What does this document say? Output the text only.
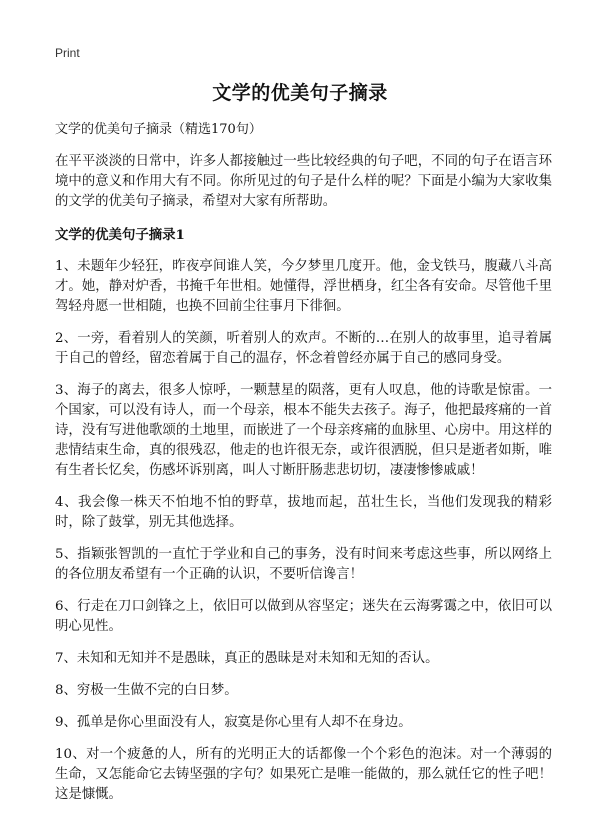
Print
文学的优美句子摘录

文学的优美句子摘录（精选170句）

在平平淡淡的日常中，许多人都接触过一些比较经典的句子吧，不同的句子在语言环境中的意义和作用大有不同。你所见过的句子是什么样的呢？下面是小编为大家收集的文学的优美句子摘录，希望对大家有所帮助。

文学的优美句子摘录1

1、未题年少轻狂，昨夜亭间谁人笑，今夕梦里几度开。他，金戈铁马，腹藏八斗高才。她，静对炉香，书掩千年世相。她懂得，浮世栖身，红尘各有安命。尽管他千里驾轻舟愿一世相随，也换不回前尘往事月下徘徊。

2、一旁，看着别人的笑颜，听着别人的欢声。不断的…在别人的故事里，追寻着属于自己的曾经，留恋着属于自己的温存，怀念着曾经亦属于自己的感同身受。

3、海子的离去，很多人惊呼，一颗慧星的陨落，更有人叹息，他的诗歌是惊雷。一个国家，可以没有诗人，而一个母亲，根本不能失去孩子。海子，他把最疼痛的一首诗，没有写进他歌颂的土地里，而嵌进了一个母亲疼痛的血脉里、心房中。用这样的悲情结束生命，真的很残忍，他走的也许很无奈，或许很洒脱，但只是逝者如斯，唯有生者长忆矣，伤感坏诉别离，叫人寸断肝肠悲悲切切，凄凄惨惨戚戚！

4、我会像一株天不怕地不怕的野草，拔地而起，茁壮生长，当他们发现我的精彩时，除了鼓掌，别无其他选择。

5、指颖张智凯的一直忙于学业和自己的事务，没有时间来考虑这些事，所以网络上的各位朋友希望有一个正确的认识，不要听信谗言！

6、行走在刀口剑锋之上，依旧可以做到从容坚定；迷失在云海雾霭之中，依旧可以明心见性。

7、未知和无知并不是愚昧，真正的愚昧是对未知和无知的否认。

8、穷极一生做不完的白日梦。

9、孤单是你心里面没有人，寂寞是你心里有人却不在身边。

10、对一个疲惫的人，所有的光明正大的话都像一个个彩色的泡沫。对一个薄弱的生命，又怎能命它去铸坚强的字句？如果死亡是唯一能做的，那么就任它的性子吧！这是慷慨。
